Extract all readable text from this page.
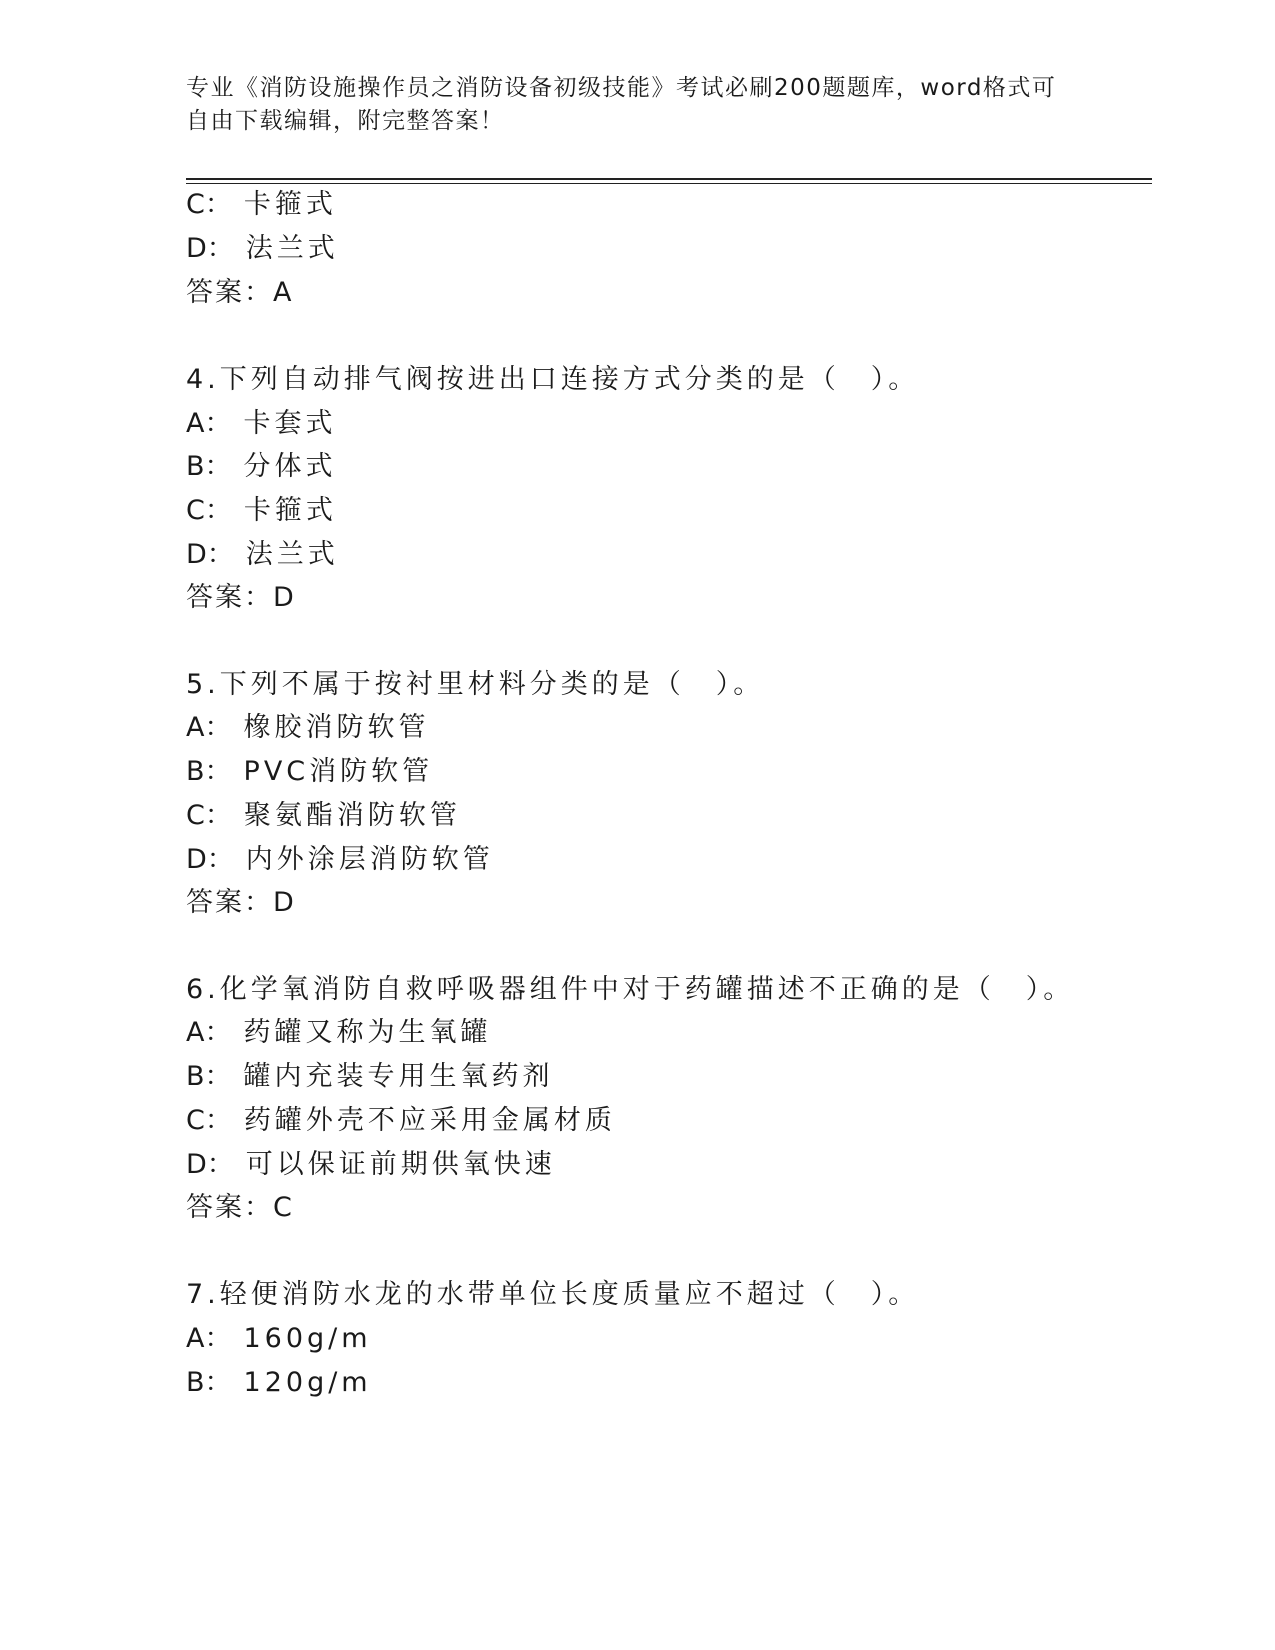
专业《消防设施操作员之消防设备初级技能》考试必刷200题题库，word格式可
自由下载编辑，附完整答案！
C： 卡箍式
D： 法兰式
答案：A
4.下列自动排气阀按进出口连接方式分类的是（　）。
A： 卡套式
B： 分体式
C： 卡箍式
D： 法兰式
答案：D
5.下列不属于按衬里材料分类的是（　）。
A： 橡胶消防软管
B： PVC消防软管
C： 聚氨酯消防软管
D： 内外涂层消防软管
答案：D
6.化学氧消防自救呼吸器组件中对于药罐描述不正确的是（　）。
A： 药罐又称为生氧罐
B： 罐内充装专用生氧药剂
C： 药罐外壳不应采用金属材质
D： 可以保证前期供氧快速
答案：C
7.轻便消防水龙的水带单位长度质量应不超过（　）。
A： 160g/m
B： 120g/m
